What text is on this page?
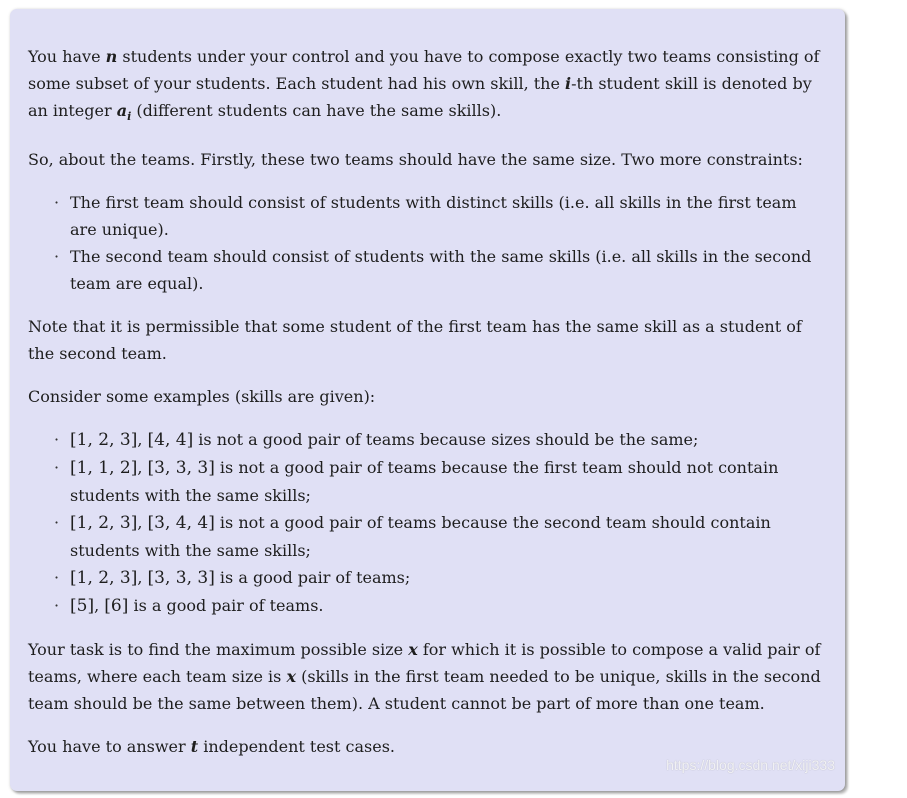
You have n students under your control and you have to compose exactly two teams consisting of some subset of your students. Each student had his own skill, the i-th student skill is denoted by an integer $a_i$ (different students can have the same skills).

So, about the teams. Firstly, these two teams should have the same size. Two more constraints:

· The first team should consist of students with distinct skills (i.e. all skills in the first team are unique).
· The second team should consist of students with the same skills (i.e. all skills in the second team are equal).

Note that it is permissible that some student of the first team has the same skill as a student of the second team.

Consider some examples (skills are given):

· [1, 2, 3], [4, 4] is not a good pair of teams because sizes should be the same;
· [1, 1, 2], [3, 3, 3] is not a good pair of teams because the first team should not contain students with the same skills;
· [1, 2, 3], [3, 4, 4] is not a good pair of teams because the second team should contain students with the same skills;
· [1, 2, 3], [3, 3, 3] is a good pair of teams;
· [5], [6] is a good pair of teams.

Your task is to find the maximum possible size x for which it is possible to compose a valid pair of teams, where each team size is x (skills in the first team needed to be unique, skills in the second team should be the same between them). A student cannot be part of more than one team.

You have to answer t independent test cases.

https://blog.csdn.net/xiji333
